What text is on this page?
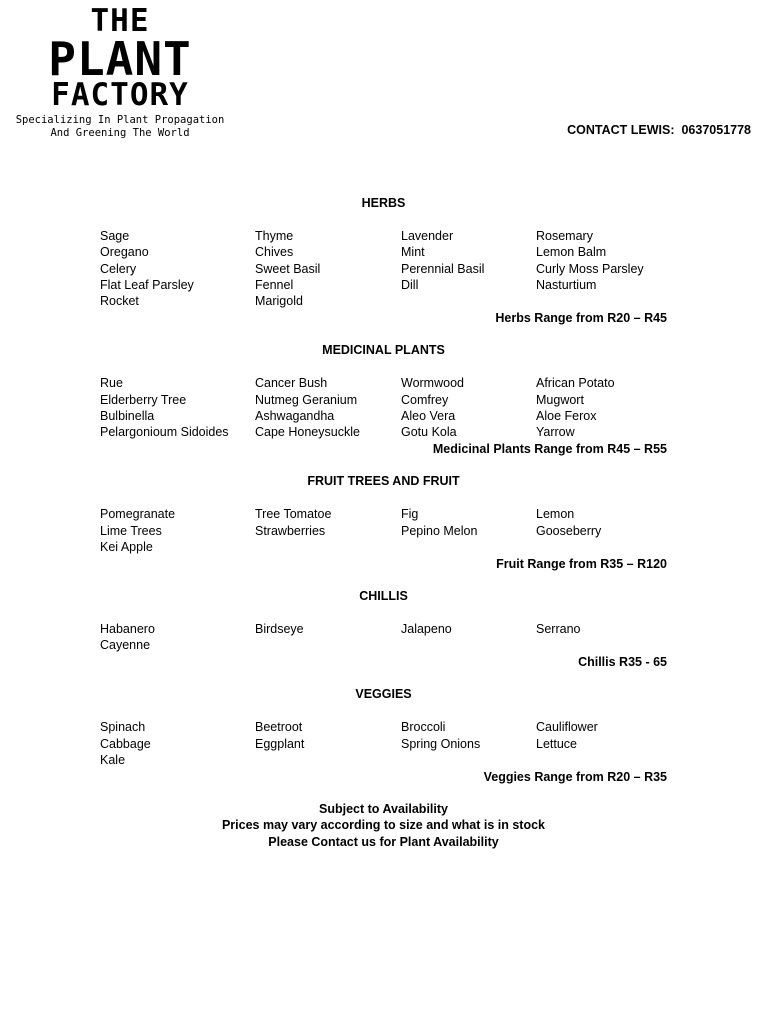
THE
PLANT
FACTORY
Specializing In Plant Propagation
And Greening The World	CONTACT LEWIS:  0637051778
HERBS
Sage	Thyme	Lavender	Rosemary
Oregano	Chives	Mint	Lemon Balm
Celery	Sweet Basil	Perennial Basil	Curly Moss Parsley
Flat Leaf Parsley	Fennel	Dill	Nasturtium
Rocket	Marigold
Herbs Range from R20 – R45
MEDICINAL PLANTS
Rue	Cancer Bush	Wormwood	African Potato
Elderberry Tree	Nutmeg Geranium	Comfrey	Mugwort
Bulbinella	Ashwagandha	Aleo Vera	Aloe Ferox
Pelargonioum Sidoides	Cape Honeysuckle	Gotu Kola	Yarrow
Medicinal Plants Range from R45 – R55
FRUIT TREES AND FRUIT
Pomegranate	Tree Tomatoe	Fig	Lemon
Lime Trees	Strawberries	Pepino Melon	Gooseberry
Kei Apple
Fruit Range from R35 – R120
CHILLIS
Habanero	Birdseye	Jalapeno	Serrano
Cayenne
Chillis R35 - 65
VEGGIES
Spinach	Beetroot	Broccoli	Cauliflower
Cabbage	Eggplant	Spring Onions	Lettuce
Kale
Veggies Range from R20 – R35
Subject to Availability
Prices may vary according to size and what is in stock
Please Contact us for Plant Availability
